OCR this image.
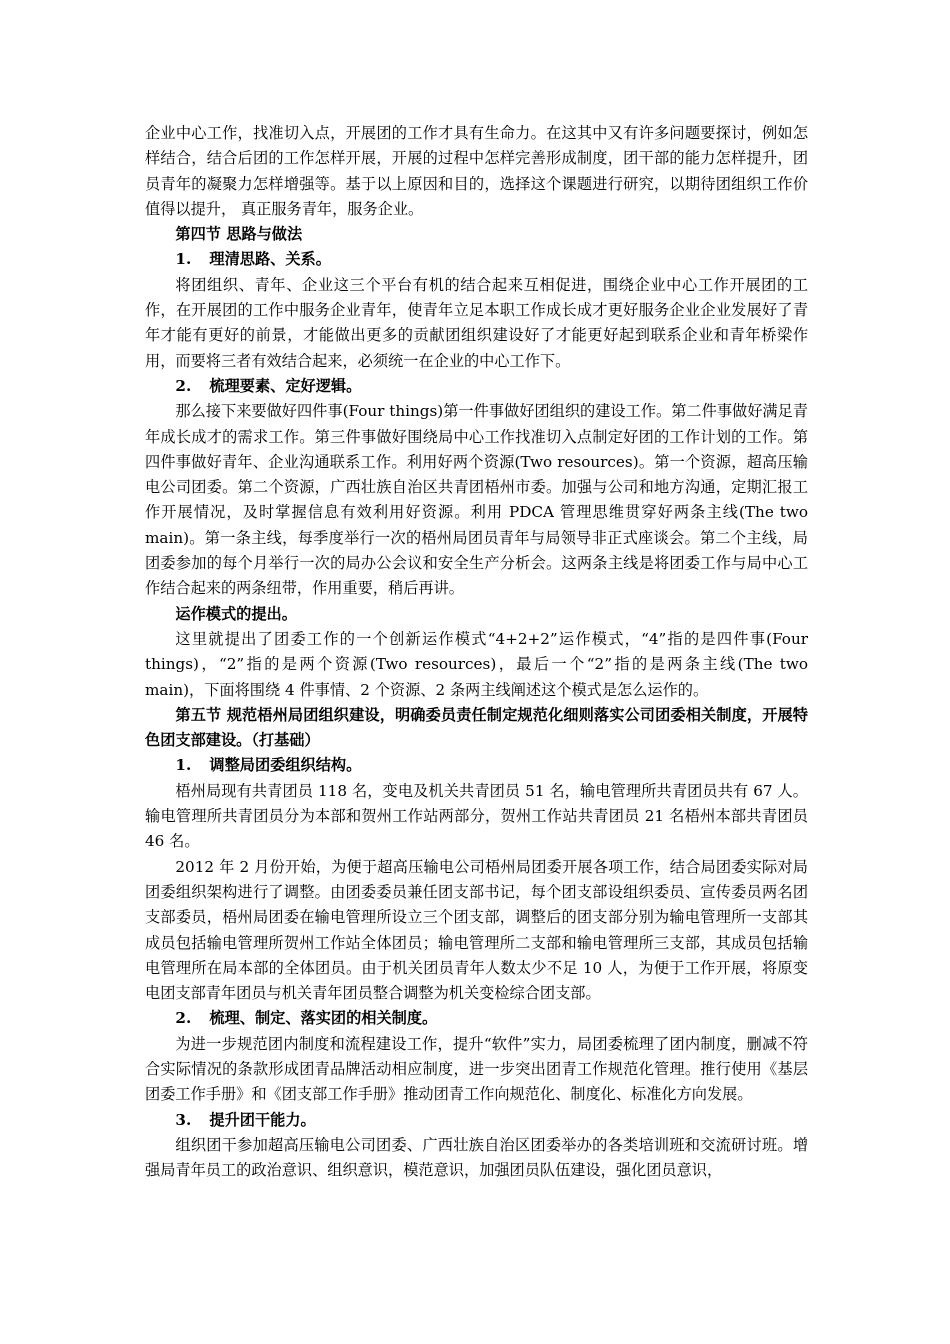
企业中心工作，找准切入点，开展团的工作才具有生命力。在这其中又有许多问题要探讨，例如怎样结合，结合后团的工作怎样开展，开展的过程中怎样完善形成制度，团干部的能力怎样提升，团员青年的凝聚力怎样增强等。基于以上原因和目的，选择这个课题进行研究，以期待团组织工作价值得以提升， 真正服务青年，服务企业。

第四节 思路与做法

1. 理清思路、关系。

将团组织、青年、企业这三个平台有机的结合起来互相促进，围绕企业中心工作开展团的工作，在开展团的工作中服务企业青年，使青年立足本职工作成长成才更好服务企业企业发展好了青年才能有更好的前景，才能做出更多的贡献团组织建设好了才能更好起到联系企业和青年桥梁作用，而要将三者有效结合起来，必须统一在企业的中心工作下。

2. 梳理要素、定好逻辑。

那么接下来要做好四件事(Four things)第一件事做好团组织的建设工作。第二件事做好满足青年成长成才的需求工作。第三件事做好围绕局中心工作找准切入点制定好团的工作计划的工作。第四件事做好青年、企业沟通联系工作。利用好两个资源(Two resources)。第一个资源，超高压输电公司团委。第二个资源，广西壮族自治区共青团梧州市委。加强与公司和地方沟通，定期汇报工作开展情况，及时掌握信息有效利用好资源。利用 PDCA 管理思维贯穿好两条主线(The two main)。第一条主线，每季度举行一次的梧州局团员青年与局领导非正式座谈会。第二个主线，局团委参加的每个月举行一次的局办公会议和安全生产分析会。这两条主线是将团委工作与局中心工作结合起来的两条纽带，作用重要，稍后再讲。

运作模式的提出。

这里就提出了团委工作的一个创新运作模式“4+2+2”运作模式，“4”指的是四件事(Four things)，“2”指的是两个资源(Two resources)，最后一个“2”指的是两条主线(The two main)，下面将围绕 4 件事情、2 个资源、2 条两主线阐述这个模式是怎么运作的。

第五节 规范梧州局团组织建设，明确委员责任制定规范化细则落实公司团委相关制度，开展特色团支部建设。（打基础）

1. 调整局团委组织结构。

梧州局现有共青团员 118 名，变电及机关共青团员 51 名，输电管理所共青团员共有 67 人。输电管理所共青团员分为本部和贺州工作站两部分，贺州工作站共青团员 21 名梧州本部共青团员 46 名。

2012 年 2 月份开始，为便于超高压输电公司梧州局团委开展各项工作，结合局团委实际对局团委组织架构进行了调整。由团委委员兼任团支部书记，每个团支部设组织委员、宣传委员两名团支部委员，梧州局团委在输电管理所设立三个团支部，调整后的团支部分别为输电管理所一支部其成员包括输电管理所贺州工作站全体团员；输电管理所二支部和输电管理所三支部，其成员包括输电管理所在局本部的全体团员。由于机关团员青年人数太少不足 10 人，为便于工作开展，将原变电团支部青年团员与机关青年团员整合调整为机关变检综合团支部。

2. 梳理、制定、落实团的相关制度。

为进一步规范团内制度和流程建设工作，提升“软件”实力，局团委梳理了团内制度，删减不符合实际情况的条款形成团青品牌活动相应制度，进一步突出团青工作规范化管理。推行使用《基层团委工作手册》和《团支部工作手册》推动团青工作向规范化、制度化、标准化方向发展。

3. 提升团干能力。

组织团干参加超高压输电公司团委、广西壮族自治区团委举办的各类培训班和交流研讨班。增强局青年员工的政治意识、组织意识，模范意识，加强团员队伍建设，强化团员意识，
